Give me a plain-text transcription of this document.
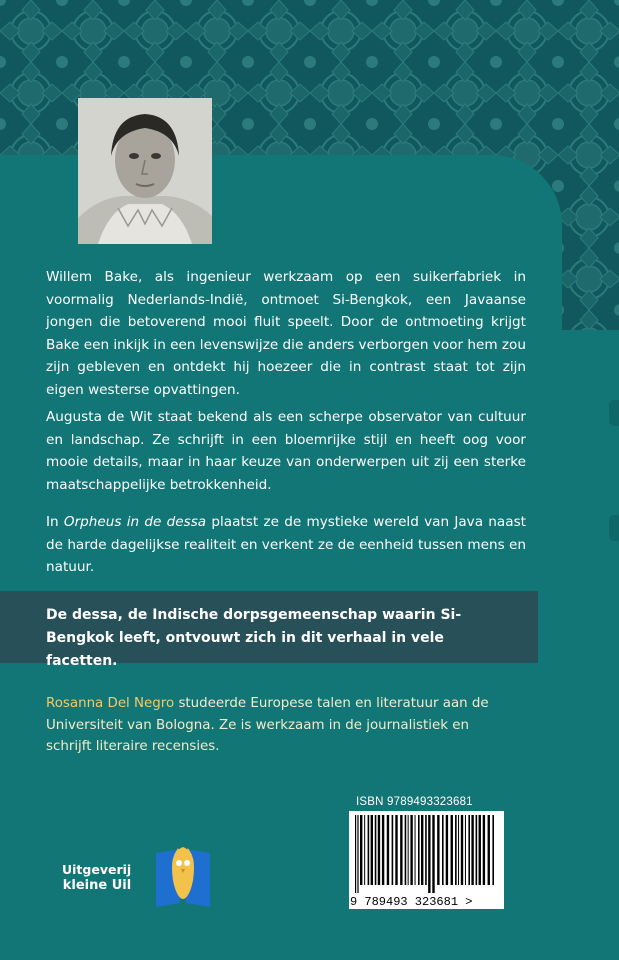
Willem Bake, als ingenieur werkzaam op een suikerfabriek in voormalig Nederlands-Indië, ontmoet Si-Bengkok, een Javaanse jongen die betoverend mooi fluit speelt. Door de ontmoeting krijgt Bake een inkijk in een levenswijze die anders verborgen voor hem zou zijn gebleven en ontdekt hij hoezeer die in contrast staat tot zijn eigen westerse opvattingen.

Augusta de Wit staat bekend als een scherpe observator van cultuur en landschap. Ze schrijft in een bloemrijke stijl en heeft oog voor mooie details, maar in haar keuze van onderwerpen uit zij een sterke maatschappelijke betrokkenheid.

In Orpheus in de dessa plaatst ze de mystieke wereld van Java naast de harde dagelijkse realiteit en verkent ze de eenheid tussen mens en natuur.

De dessa, de Indische dorpsgemeenschap waarin Si-Bengkok leeft, ontvouwt zich in dit verhaal in vele facetten.

Rosanna Del Negro studeerde Europese talen en literatuur aan de Universiteit van Bologna. Ze is werkzaam in de journalistiek en schrijft literaire recensies.

ISBN 9789493323681
9 789493 323681 >
Uitgeverij
kleine Uil
